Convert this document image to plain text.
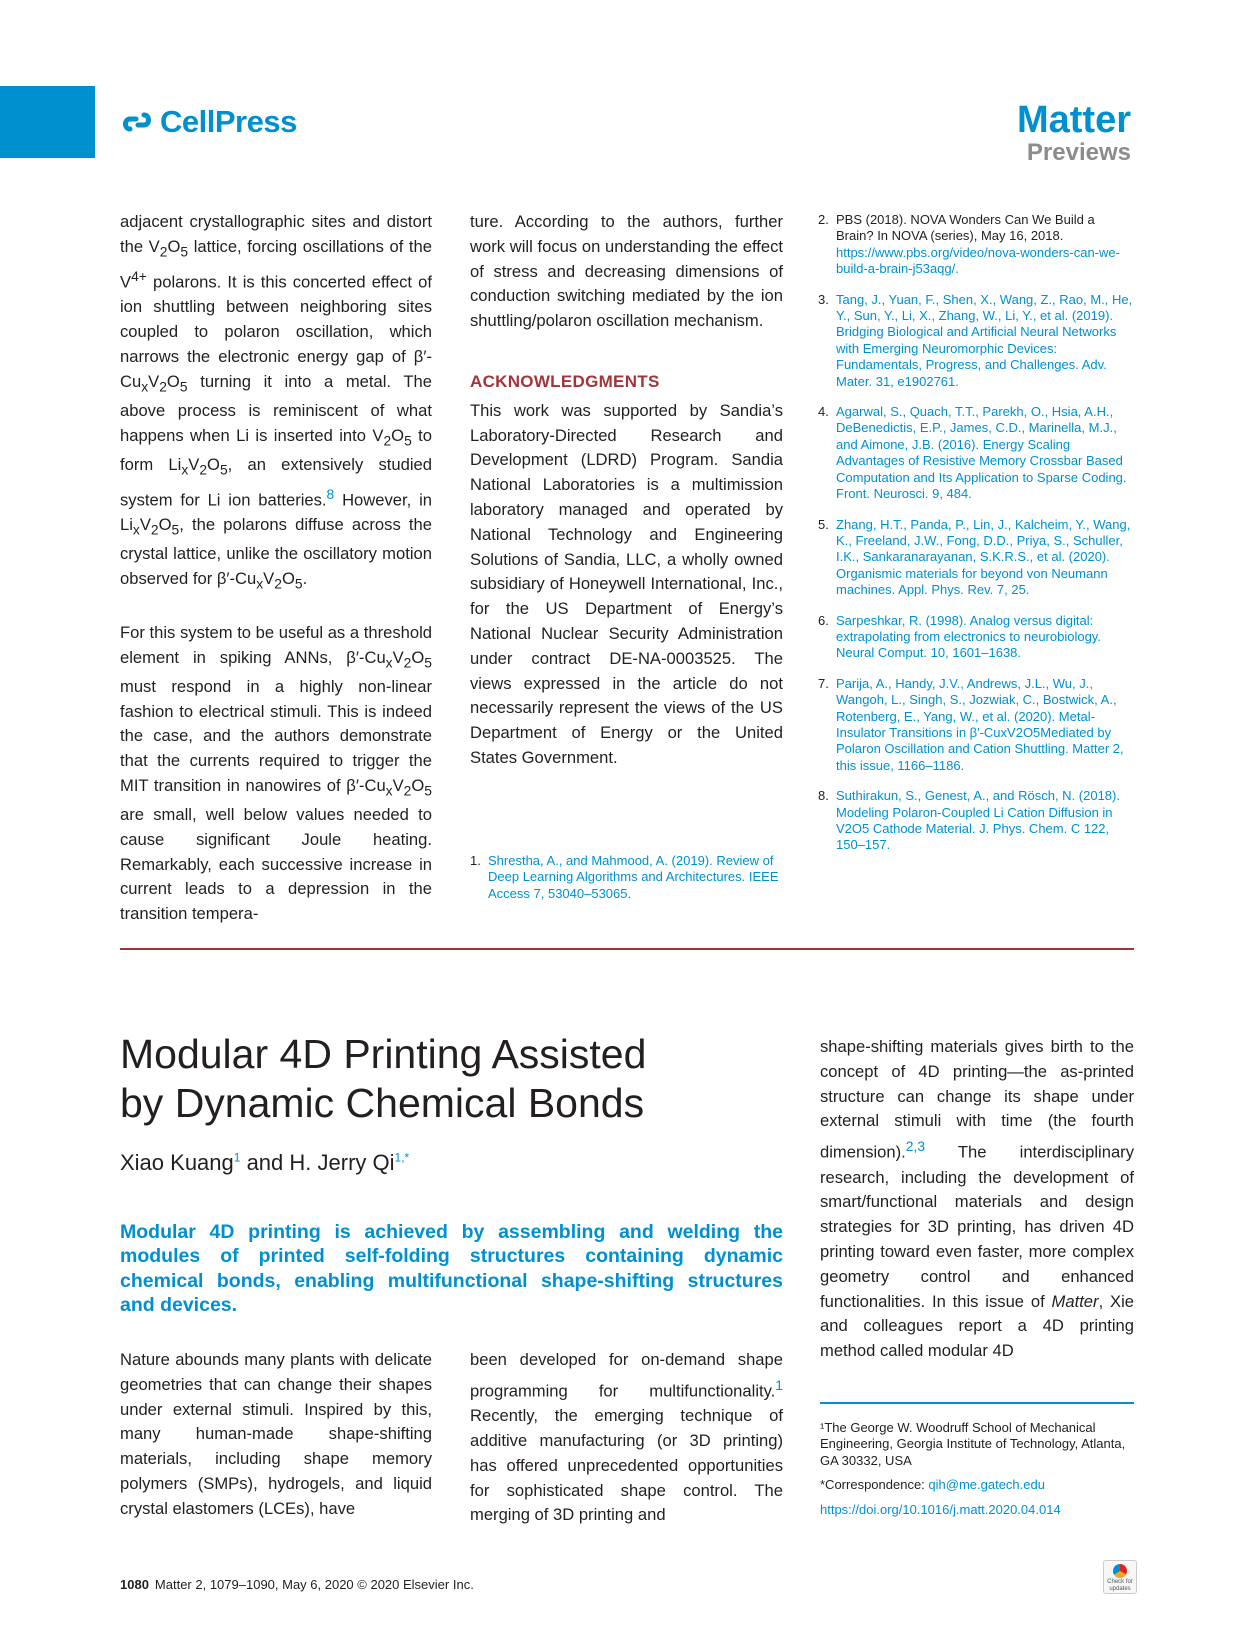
CellPress	Matter
Previews

adjacent crystallographic sites and distort the $V_2O_5$ lattice, forcing oscillations of the $V^{4+}$ polarons. It is this concerted effect of ion shuttling between neighboring sites coupled to polaron oscillation, which narrows the electronic energy gap of $\beta'-Cu_xV_2O_5$ turning it into a metal. The above process is reminiscent of what happens when Li is inserted into $V_2O_5$ to form $Li_xV_2O_5$, an extensively studied system for Li ion batteries.$^8$ However, in $Li_xV_2O_5$, the polarons diffuse across the crystal lattice, unlike the oscillatory motion observed for $\beta'-Cu_xV_2O_5$.

For this system to be useful as a threshold element in spiking ANNs, $\beta'-Cu_xV_2O_5$ must respond in a highly non-linear fashion to electrical stimuli. This is indeed the case, and the authors demonstrate that the currents required to trigger the MIT transition in nanowires of $\beta'-Cu_xV_2O_5$ are small, well below values needed to cause significant Joule heating. Remarkably, each successive increase in current leads to a depression in the transition tempera-

ture. According to the authors, further work will focus on understanding the effect of stress and decreasing dimensions of conduction switching mediated by the ion shuttling/polaron oscillation mechanism.

ACKNOWLEDGMENTS
This work was supported by Sandia’s Laboratory-Directed Research and Development (LDRD) Program. Sandia National Laboratories is a multimission laboratory managed and operated by National Technology and Engineering Solutions of Sandia, LLC, a wholly owned subsidiary of Honeywell International, Inc., for the US Department of Energy’s National Nuclear Security Administration under contract DE-NA-0003525. The views expressed in the article do not necessarily represent the views of the US Department of Energy or the United States Government.

1. Shrestha, A., and Mahmood, A. (2019). Review of Deep Learning Algorithms and Architectures. IEEE Access 7, 53040–53065.
2. PBS (2018). NOVA Wonders Can We Build a Brain? In NOVA (series), May 16, 2018. https://www.pbs.org/video/nova-wonders-can-we-build-a-brain-j53aqg/.
3. Tang, J., Yuan, F., Shen, X., Wang, Z., Rao, M., He, Y., Sun, Y., Li, X., Zhang, W., Li, Y., et al. (2019). Bridging Biological and Artificial Neural Networks with Emerging Neuromorphic Devices: Fundamentals, Progress, and Challenges. Adv. Mater. 31, e1902761.
4. Agarwal, S., Quach, T.T., Parekh, O., Hsia, A.H., DeBenedictis, E.P., James, C.D., Marinella, M.J., and Aimone, J.B. (2016). Energy Scaling Advantages of Resistive Memory Crossbar Based Computation and Its Application to Sparse Coding. Front. Neurosci. 9, 484.
5. Zhang, H.T., Panda, P., Lin, J., Kalcheim, Y., Wang, K., Freeland, J.W., Fong, D.D., Priya, S., Schuller, I.K., Sankaranarayanan, S.K.R.S., et al. (2020). Organismic materials for beyond von Neumann machines. Appl. Phys. Rev. 7, 25.
6. Sarpeshkar, R. (1998). Analog versus digital: extrapolating from electronics to neurobiology. Neural Comput. 10, 1601–1638.
7. Parija, A., Handy, J.V., Andrews, J.L., Wu, J., Wangoh, L., Singh, S., Jozwiak, C., Bostwick, A., Rotenberg, E., Yang, W., et al. (2020). Metal-Insulator Transitions in β′-CuxV2O5Mediated by Polaron Oscillation and Cation Shuttling. Matter 2, this issue, 1166–1186.
8. Suthirakun, S., Genest, A., and Rösch, N. (2018). Modeling Polaron-Coupled Li Cation Diffusion in V2O5 Cathode Material. J. Phys. Chem. C 122, 150–157.
Modular 4D Printing Assisted by Dynamic Chemical Bonds
Xiao Kuang$^1$ and H. Jerry $Qi^{1,*}$
Modular 4D printing is achieved by assembling and welding the modules of printed self-folding structures containing dynamic chemical bonds, enabling multifunctional shape-shifting structures and devices.

Nature abounds many plants with delicate geometries that can change their shapes under external stimuli. Inspired by this, many human-made shape-shifting materials, including shape memory polymers (SMPs), hydrogels, and liquid crystal elastomers (LCEs), have

been developed for on-demand shape programming for multifunctionality.$^1$ Recently, the emerging technique of additive manufacturing (or 3D printing) has offered unprecedented opportunities for sophisticated shape control. The merging of 3D printing and

shape-shifting materials gives birth to the concept of 4D printing—the as-printed structure can change its shape under external stimuli with time (the fourth dimension).$^{2,3}$ The interdisciplinary research, including the development of smart/functional materials and design strategies for 3D printing, has driven 4D printing toward even faster, more complex geometry control and enhanced functionalities. In this issue of Matter, Xie and colleagues report a 4D printing method called modular 4D

¹The George W. Woodruff School of Mechanical Engineering, Georgia Institute of Technology, Atlanta, GA 30332, USA

*Correspondence: qih@me.gatech.edu

https://doi.org/10.1016/j.matt.2020.04.014

1080 Matter 2, 1079–1090, May 6, 2020 © 2020 Elsevier Inc.	Check for updates
